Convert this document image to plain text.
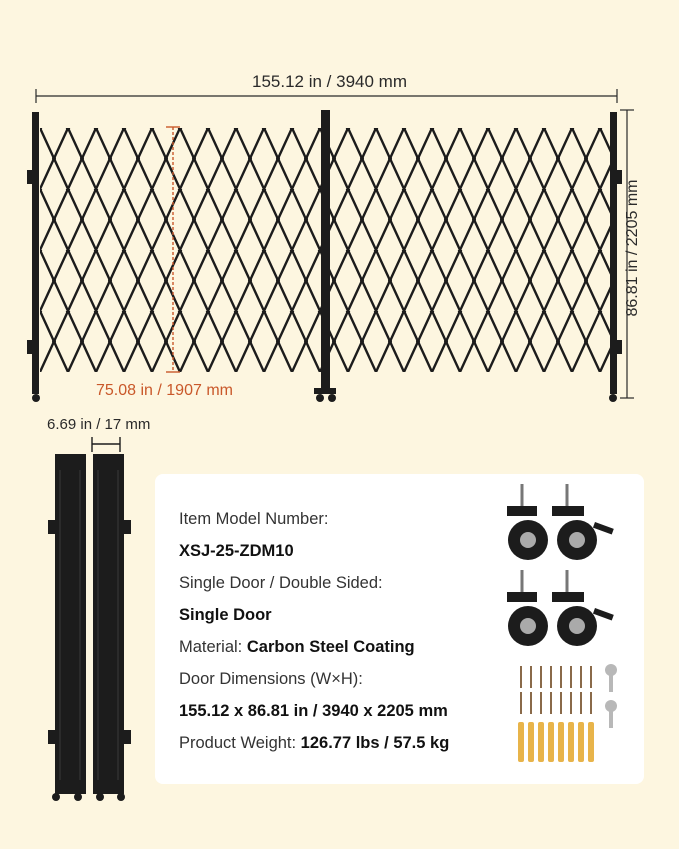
155.12 in / 3940 mm
86.81 in / 2205 mm
75.08 in / 1907 mm
6.69 in / 17 mm
Item Model Number:
XSJ-25-ZDM10
Single Door / Double Sided:
Single Door
Material: Carbon Steel Coating
Door Dimensions (W×H):
155.12 x 86.81 in / 3940 x 2205 mm
Product Weight: 126.77 lbs / 57.5 kg
